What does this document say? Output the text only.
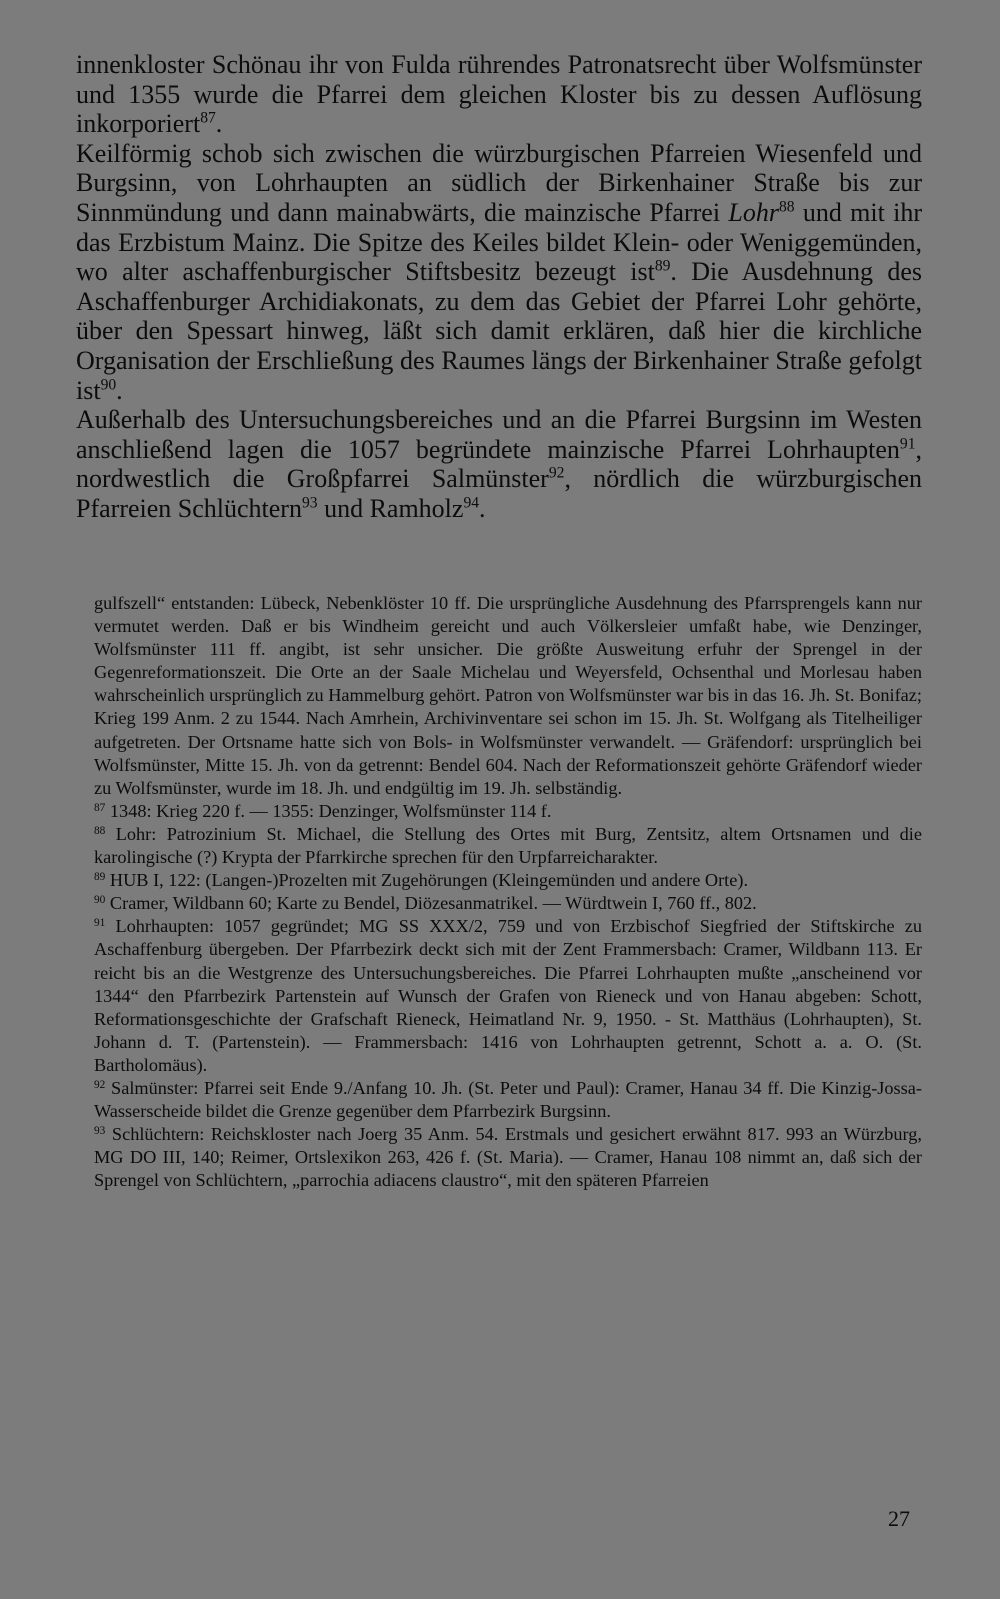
innenkloster Schönau ihr von Fulda rührendes Patronatsrecht über Wolfsmünster und 1355 wurde die Pfarrei dem gleichen Kloster bis zu dessen Auflösung inkorporiert$^{87}$.

Keilförmig schob sich zwischen die würzburgischen Pfarreien Wiesenfeld und Burgsinn, von Lohrhaupten an südlich der Birkenhainer Straße bis zur Sinnmündung und dann mainabwärts, die mainzische Pfarrei Lohr$^{88}$ und mit ihr das Erzbistum Mainz. Die Spitze des Keiles bildet Klein- oder Weniggemünden, wo alter aschaffenburgischer Stiftsbesitz bezeugt ist$^{89}$. Die Ausdehnung des Aschaffenburger Archidiakonats, zu dem das Gebiet der Pfarrei Lohr gehörte, über den Spessart hinweg, läßt sich damit erklären, daß hier die kirchliche Organisation der Erschließung des Raumes längs der Birkenhainer Straße gefolgt ist$^{90}$.

Außerhalb des Untersuchungsbereiches und an die Pfarrei Burgsinn im Westen anschließend lagen die 1057 begründete mainzische Pfarrei Lohrhaupten$^{91}$, nordwestlich die Großpfarrei Salmünster$^{92}$, nördlich die würzburgischen Pfarreien Schlüchtern$^{93}$ und Ramholz$^{94}$.

gulfszell“ entstanden: Lübeck, Nebenklöster 10 ff. Die ursprüngliche Ausdehnung des Pfarrsprengels kann nur vermutet werden. Daß er bis Windheim gereicht und auch Völkersleier umfaßt habe, wie Denzinger, Wolfsmünster 111 ff. angibt, ist sehr unsicher. Die größte Ausweitung erfuhr der Sprengel in der Gegenreformationszeit. Die Orte an der Saale Michelau und Weyersfeld, Ochsenthal und Morlesau haben wahrscheinlich ursprünglich zu Hammelburg gehört. Patron von Wolfsmünster war bis in das 16. Jh. St. Bonifaz; Krieg 199 Anm. 2 zu 1544. Nach Amrhein, Archivinventare sei schon im 15. Jh. St. Wolfgang als Titelheiliger aufgetreten. Der Ortsname hatte sich von Bols- in Wolfsmünster verwandelt. — Gräfendorf: ursprünglich bei Wolfsmünster, Mitte 15. Jh. von da getrennt: Bendel 604. Nach der Reformationszeit gehörte Gräfendorf wieder zu Wolfsmünster, wurde im 18. Jh. und endgültig im 19. Jh. selbständig.

$^{87}$ 1348: Krieg 220 f. — 1355: Denzinger, Wolfsmünster 114 f.

$^{88}$ Lohr: Patrozinium St. Michael, die Stellung des Ortes mit Burg, Zentsitz, altem Ortsnamen und die karolingische (?) Krypta der Pfarrkirche sprechen für den Urpfarreicharakter.

$^{89}$ HUB I, 122: (Langen-)Prozelten mit Zugehörungen (Kleingemünden und andere Orte).

$^{90}$ Cramer, Wildbann 60; Karte zu Bendel, Diözesanmatrikel. — Würdtwein I, 760 ff., 802.

$^{91}$ Lohrhaupten: 1057 gegründet; MG SS XXX/2, 759 und von Erzbischof Siegfried der Stiftskirche zu Aschaffenburg übergeben. Der Pfarrbezirk deckt sich mit der Zent Frammersbach: Cramer, Wildbann 113. Er reicht bis an die Westgrenze des Untersuchungsbereiches. Die Pfarrei Lohrhaupten mußte „anscheinend vor 1344“ den Pfarrbezirk Partenstein auf Wunsch der Grafen von Rieneck und von Hanau abgeben: Schott, Reformationsgeschichte der Grafschaft Rieneck, Heimatland Nr. 9, 1950. - St. Matthäus (Lohrhaupten), St. Johann d. T. (Partenstein). — Frammersbach: 1416 von Lohrhaupten getrennt, Schott a. a. O. (St. Bartholomäus).

$^{92}$ Salmünster: Pfarrei seit Ende 9./Anfang 10. Jh. (St. Peter und Paul): Cramer, Hanau 34 ff. Die Kinzig-Jossa-Wasserscheide bildet die Grenze gegenüber dem Pfarrbezirk Burgsinn.

$^{93}$ Schlüchtern: Reichskloster nach Joerg 35 Anm. 54. Erstmals und gesichert erwähnt 817. 993 an Würzburg, MG DO III, 140; Reimer, Ortslexikon 263, 426 f. (St. Maria). — Cramer, Hanau 108 nimmt an, daß sich der Sprengel von Schlüchtern, „parrochia adiacens claustro“, mit den späteren Pfarreien

27
